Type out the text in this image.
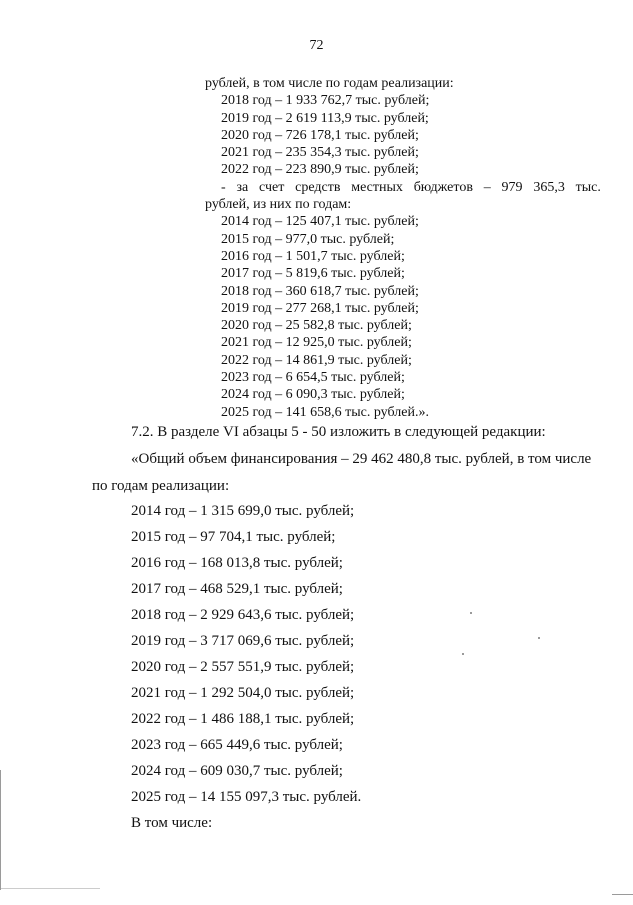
72
рублей, в том числе по годам реализации:
2018 год – 1 933 762,7 тыс. рублей;
2019 год – 2 619 113,9 тыс. рублей;
2020 год – 726 178,1 тыс. рублей;
2021 год – 235 354,3 тыс. рублей;
2022 год – 223 890,9 тыс. рублей;
- за счет средств местных бюджетов – 979 365,3 тыс.
рублей, из них по годам:
2014 год – 125 407,1 тыс. рублей;
2015 год – 977,0 тыс. рублей;
2016 год – 1 501,7 тыс. рублей;
2017 год – 5 819,6 тыс. рублей;
2018 год – 360 618,7 тыс. рублей;
2019 год – 277 268,1 тыс. рублей;
2020 год – 25 582,8 тыс. рублей;
2021 год – 12 925,0 тыс. рублей;
2022 год – 14 861,9 тыс. рублей;
2023 год – 6 654,5 тыс. рублей;
2024 год – 6 090,3 тыс. рублей;
2025 год – 141 658,6 тыс. рублей.».
7.2. В разделе VI абзацы 5 - 50 изложить в следующей редакции:
«Общий объем финансирования – 29 462 480,8 тыс. рублей, в том числе
по годам реализации:
2014 год – 1 315 699,0 тыс. рублей;
2015 год – 97 704,1 тыс. рублей;
2016 год – 168 013,8 тыс. рублей;
2017 год – 468 529,1 тыс. рублей;
2018 год – 2 929 643,6 тыс. рублей;
2019 год – 3 717 069,6 тыс. рублей;
2020 год – 2 557 551,9 тыс. рублей;
2021 год – 1 292 504,0 тыс. рублей;
2022 год – 1 486 188,1 тыс. рублей;
2023 год – 665 449,6 тыс. рублей;
2024 год – 609 030,7 тыс. рублей;
2025 год – 14 155 097,3 тыс. рублей.
В том числе:
